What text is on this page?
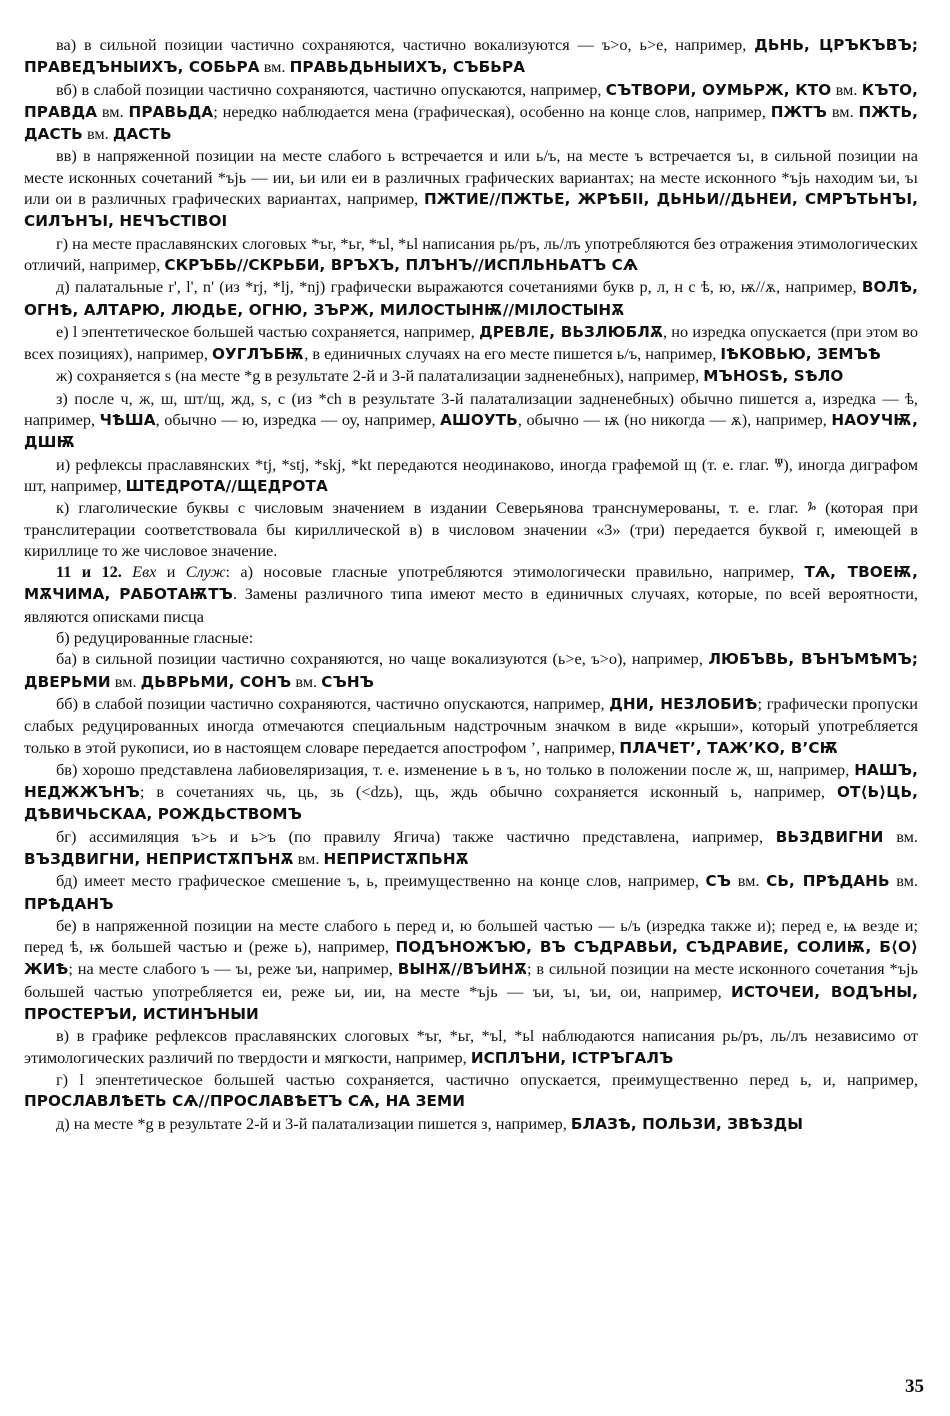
ва) в сильной позиции частично сохраняются, частично вокализуются — ъ>о, ь>е, например, ДЬНЬ, ЦРЪКЪВЪ; ПРАВЕДЪНЫИХЪ, СОБЬРА вм. ПРАВЬДЬНЫИХЪ, СЪБЬРА

вб) в слабой позиции частично сохраняются, частично опускаются, например, СЪТВОРИ, ОУМЬРЖ, КТО вм. КЪТО, ПРАВДА вм. ПРАВЬДА; нередко наблюдается мена (графическая), особенно на конце слов, например, ПЖТЪ вм. ПЖТЬ, ДАСТЬ вм. ДАСТЬ

вв) в напряженной позиции на месте слабого ь встречается и или ь/ъ, на месте ъ встречается ъı, в сильной позиции на месте исконных сочетаний *ъjь — ии, ьи или еи в различных графических вариантах; на месте исконного *ъjь находим ъи, ъı или ои в различных графических вариантах, например, ПЖТИЕ//ПЖТЬЕ, ЖРѢБІІ, ДЬНЬИ//ДЬНЕИ, СМРЪТЬНЪІ, СИЛЪНЪІ, НЕЧЪСТІВОІ

г) на месте праславянских слоговых *ъr, *ьr, *ъl, *ьl написания рь/ръ, ль/лъ употребляются без отражения этимологических отличий, например, СКРЪБЬ//СКРЬБИ, ВРЪХЪ, ПЛЪНЪ//ИСПЛЬНЬАТЪ СѦ

д) палатальные r', l', n' (из *rj, *lj, *nj) графически выражаются сочетаниями букв р, л, н с ѣ, ю, ѭ//ѫ, например, ВОЛѢ, ОГНѢ, АЛТАРЮ, ЛЮДЬЕ, ОГНЮ, ЗЪРЖ, МИЛОСТЫНѬ//МІЛОСТЫНѪ

е) l эпентетическое большей частью сохраняется, например, ДРЕВЛЕ, ВЬЗЛЮБЛѪ, но изредка опускается (при этом во всех позициях), например, ОУГЛЪБѬ, в единичных случаях на его месте пишется ь/ъ, например, ІѢКОВЬЮ, ЗЕМЪѢ

ж) сохраняется ѕ (на месте *g в результате 2-й и 3-й палатализации задненебных), например, МЪНОЅѢ, ЅѢЛО

з) после ч, ж, ш, шт/щ, жд, ѕ, с (из *ch в результате 3-й палатализации задненебных) обычно пишется а, изредка — ѣ, например, ЧѢША, обычно — ю, изредка — оу, например, АШОУТЬ, обычно — ѭ (но никогда — ѫ), например, НАОУЧѬ, ДШѬ

и) рефлексы праславянских *tj, *stj, *skj, *kt передаются неодинаково, иногда графемой щ (т. е. глаг. ⱋ), иногда диграфом шт, например, ШТЕДРОТА//ЩЕДРОТА

к) глаголические буквы с числовым значением в издании Северьянова транснумерованы, т. е. глаг. ⰳ (которая при транслитерации соответствовала бы кириллической в) в числовом значении «3» (три) передается буквой г, имеющей в кириллице то же числовое значение.

11 и 12. Евх и Служ: а) носовые гласные употребляются этимологически правильно, например, ТѦ, ТВОЕѬ, МѪЧИМА, РАБОТАѬТЪ. Замены различного типа имеют место в единичных случаях, которые, по всей вероятности, являются описками писца

б) редуцированные гласные:

ба) в сильной позиции частично сохраняются, но чаще вокализуются (ь>е, ъ>о), например, ЛЮБЪВЬ, ВЪНЪМѢМЪ; ДВЕРЬМИ вм. ДЬВРЬМИ, СОНЪ вм. СЪНЪ

бб) в слабой позиции частично сохраняются, частично опускаются, например, ДНИ, НЕЗЛОБИѢ; графически пропуски слабых редуцированных иногда отмечаются специальным надстрочным значком в виде «крыши», который употребляется только в этой рукописи, ио в настоящем словаре передается апострофом ’, например, ПЛАЧЕТ’, ТАЖ’КО, В’СѬ

бв) хорошо представлена лабиовеляризация, т. е. изменение ь в ъ, но только в положении после ж, ш, например, НАШЪ, НЕДЖЖЪНЪ; в сочетаниях чь, ць, зь (<dzь), щь, ждь обычно сохраняется исконный ь, например, ОТ⟨Ь⟩ЦЬ, ДѢВИЧЬСКАА, РОЖДЬСТВОМЪ

бг) ассимиляция ъ>ь и ь>ъ (по правилу Ягича) также частично представлена, иапример, ВЬЗДВИГНИ вм. ВЪЗДВИГНИ, НЕПРИСТѪПЪНѪ вм. НЕПРИСТѪПЬНѪ

бд) имеет место графическое смешение ъ, ь, преимущественно на конце слов, например, СЪ вм. СЬ, ПРѢДАНЬ вм. ПРѢДАНЪ

бе) в напряженной позиции на месте слабого ь перед и, ю большей частью — ь/ъ (изредка также и); перед е, ѩ везде и; перед ѣ, ѭ большей частью и (реже ь), например, ПОДЪНОЖЪЮ, ВЪ СЪДРАВЬИ, СЪДРАВИЕ, СОЛИѬ, Б⟨О⟩ЖИѢ; на месте слабого ъ — ъı, реже ъи, например, ВЫНѪ//ВЪИНѪ; в сильной позиции на месте исконного сочетания *ъjь большей частью употребляется еи, реже ьи, ии, на месте *ъjь — ъи, ъı, ъи, ои, например, ИСТОЧЕИ, ВОДЪНЫ, ПРОСТЕРЪИ, ИСТИНЪНЫИ

в) в графике рефлексов праславянских слоговых *ъr, *ьr, *ъl, *ьl наблюдаются написания рь/ръ, ль/лъ независимо от этимологических различий по твердости и мягкости, например, ИСПЛЪНИ, ІСТРЪГАЛЪ

г) l эпентетическое большей частью сохраняется, частично опускается, преимущественно перед ь, и, например, ПРОСЛАВЛѢЕТЬ СѦ//ПРОСЛАВѢЕТЪ СѦ, НА ЗЕМИ

д) на месте *g в результате 2-й и 3-й палатализации пишется з, например, БЛАЗѢ, ПОЛЬЗИ, ЗВѢЗДЫ

35
